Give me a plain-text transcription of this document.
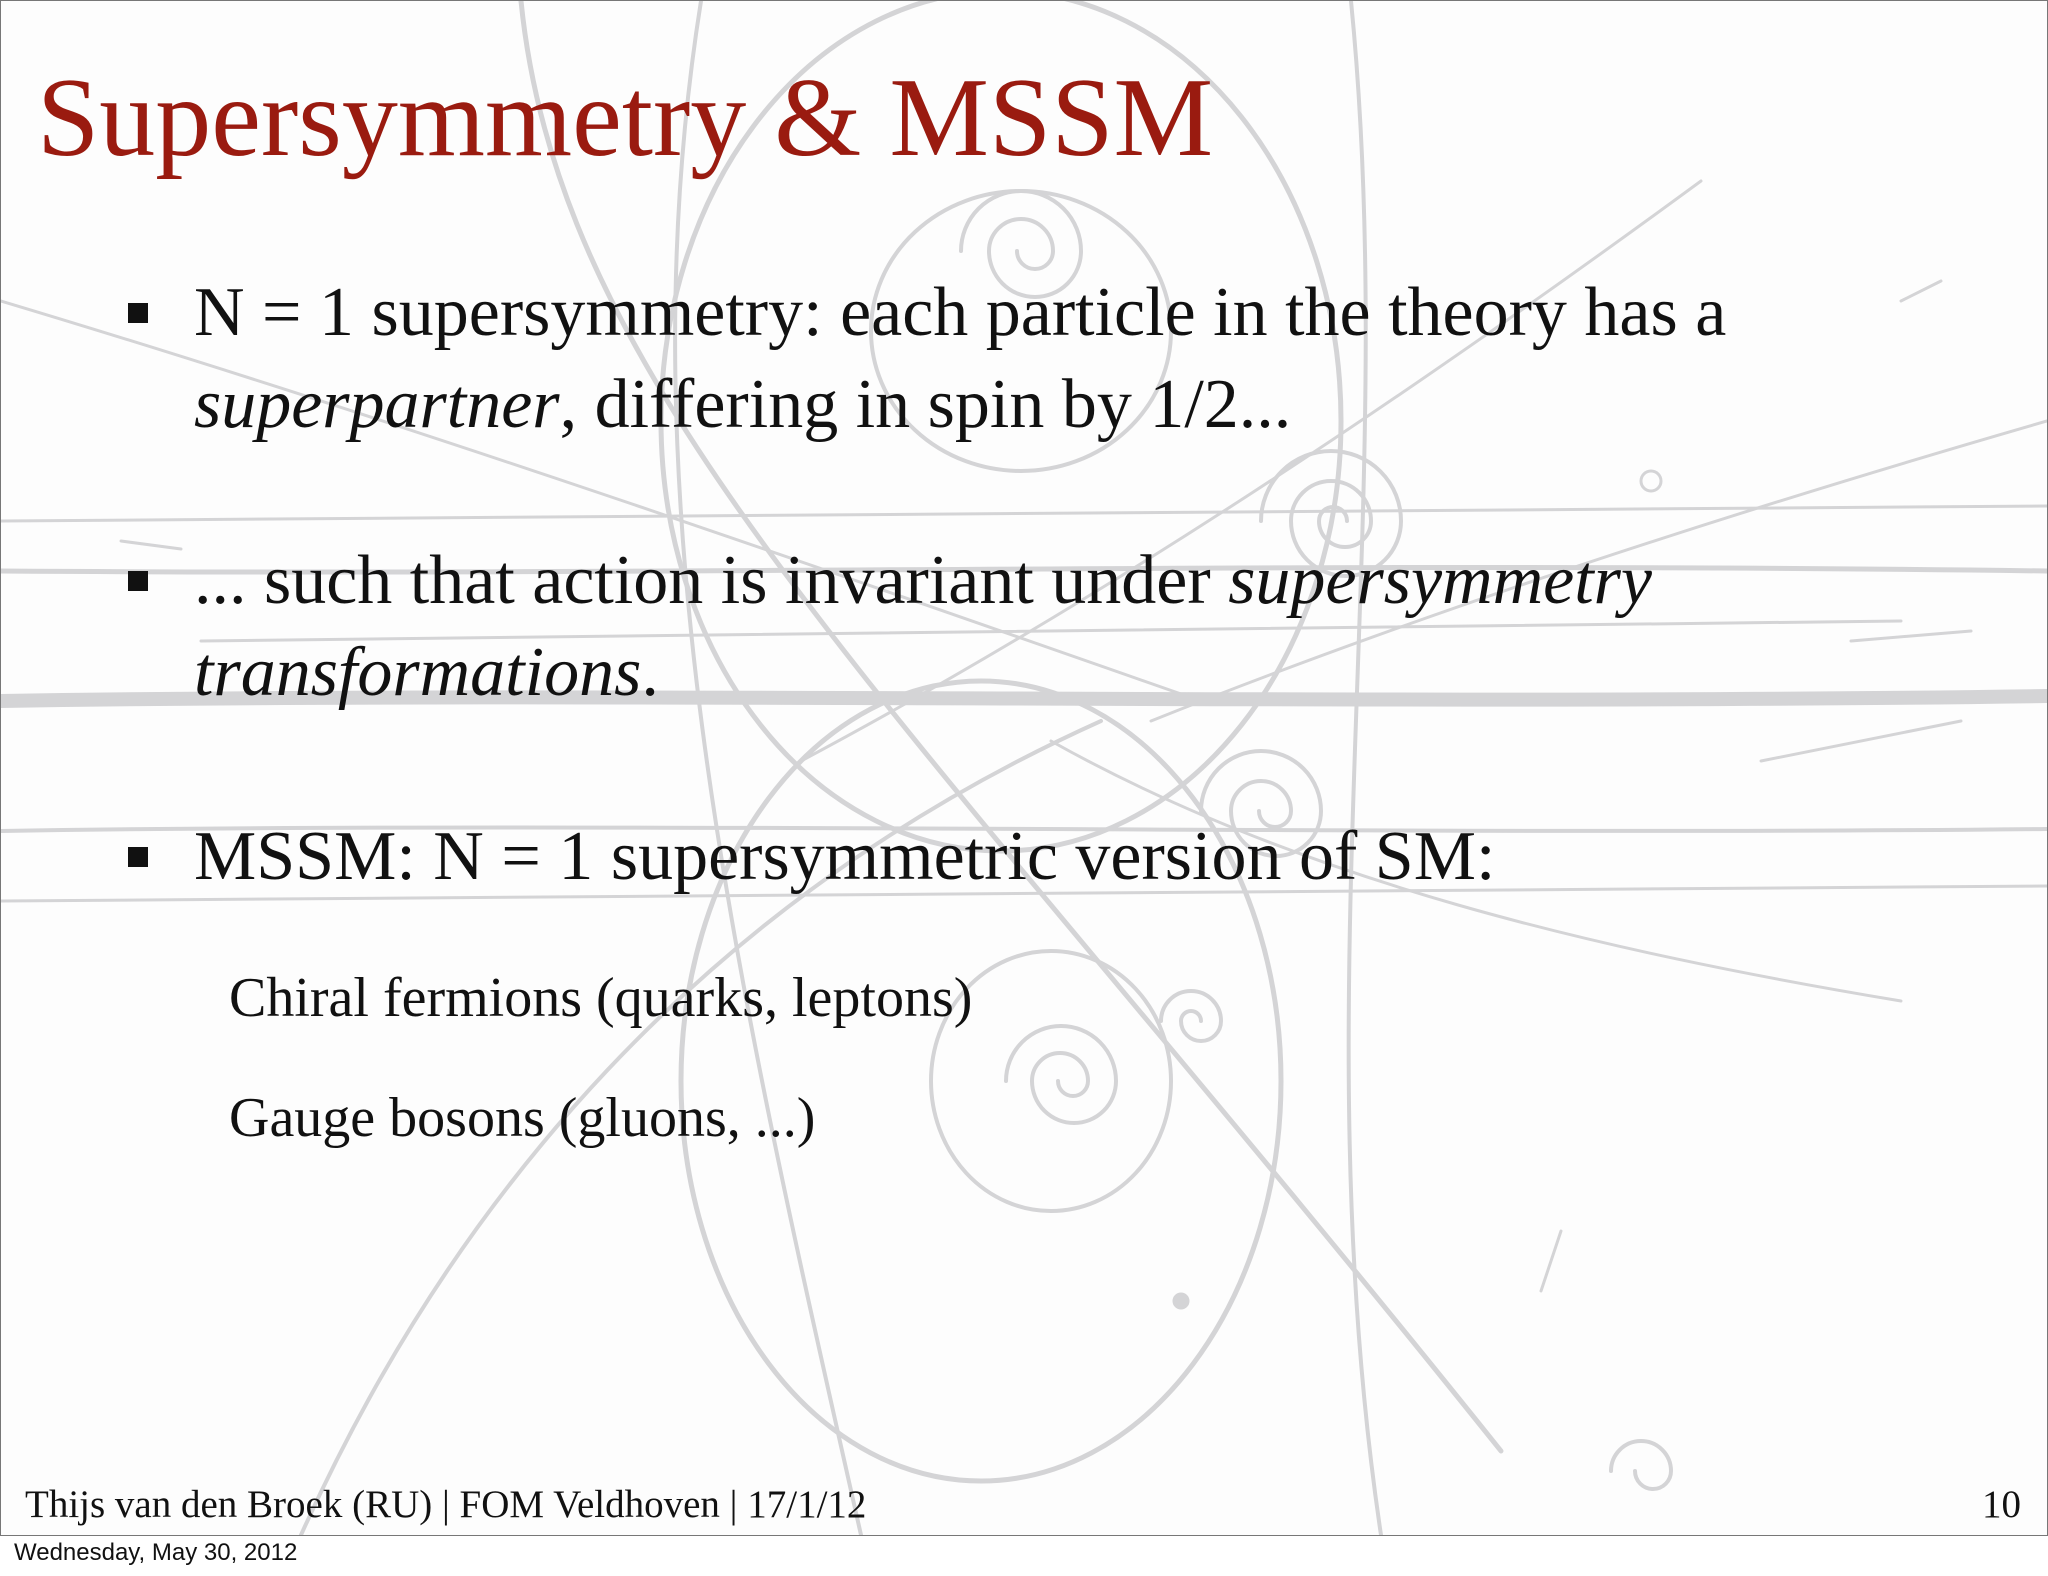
Supersymmetry & MSSM
N = 1 supersymmetry: each particle in the theory has a
superpartner, differing in spin by 1/2...
... such that action is invariant under supersymmetry
transformations.
MSSM: N = 1 supersymmetric version of SM:
Chiral fermions (quarks, leptons)
Gauge bosons (gluons, ...)
Thijs van den Broek (RU) | FOM Veldhoven | 17/1/12	10
Wednesday, May 30, 2012
